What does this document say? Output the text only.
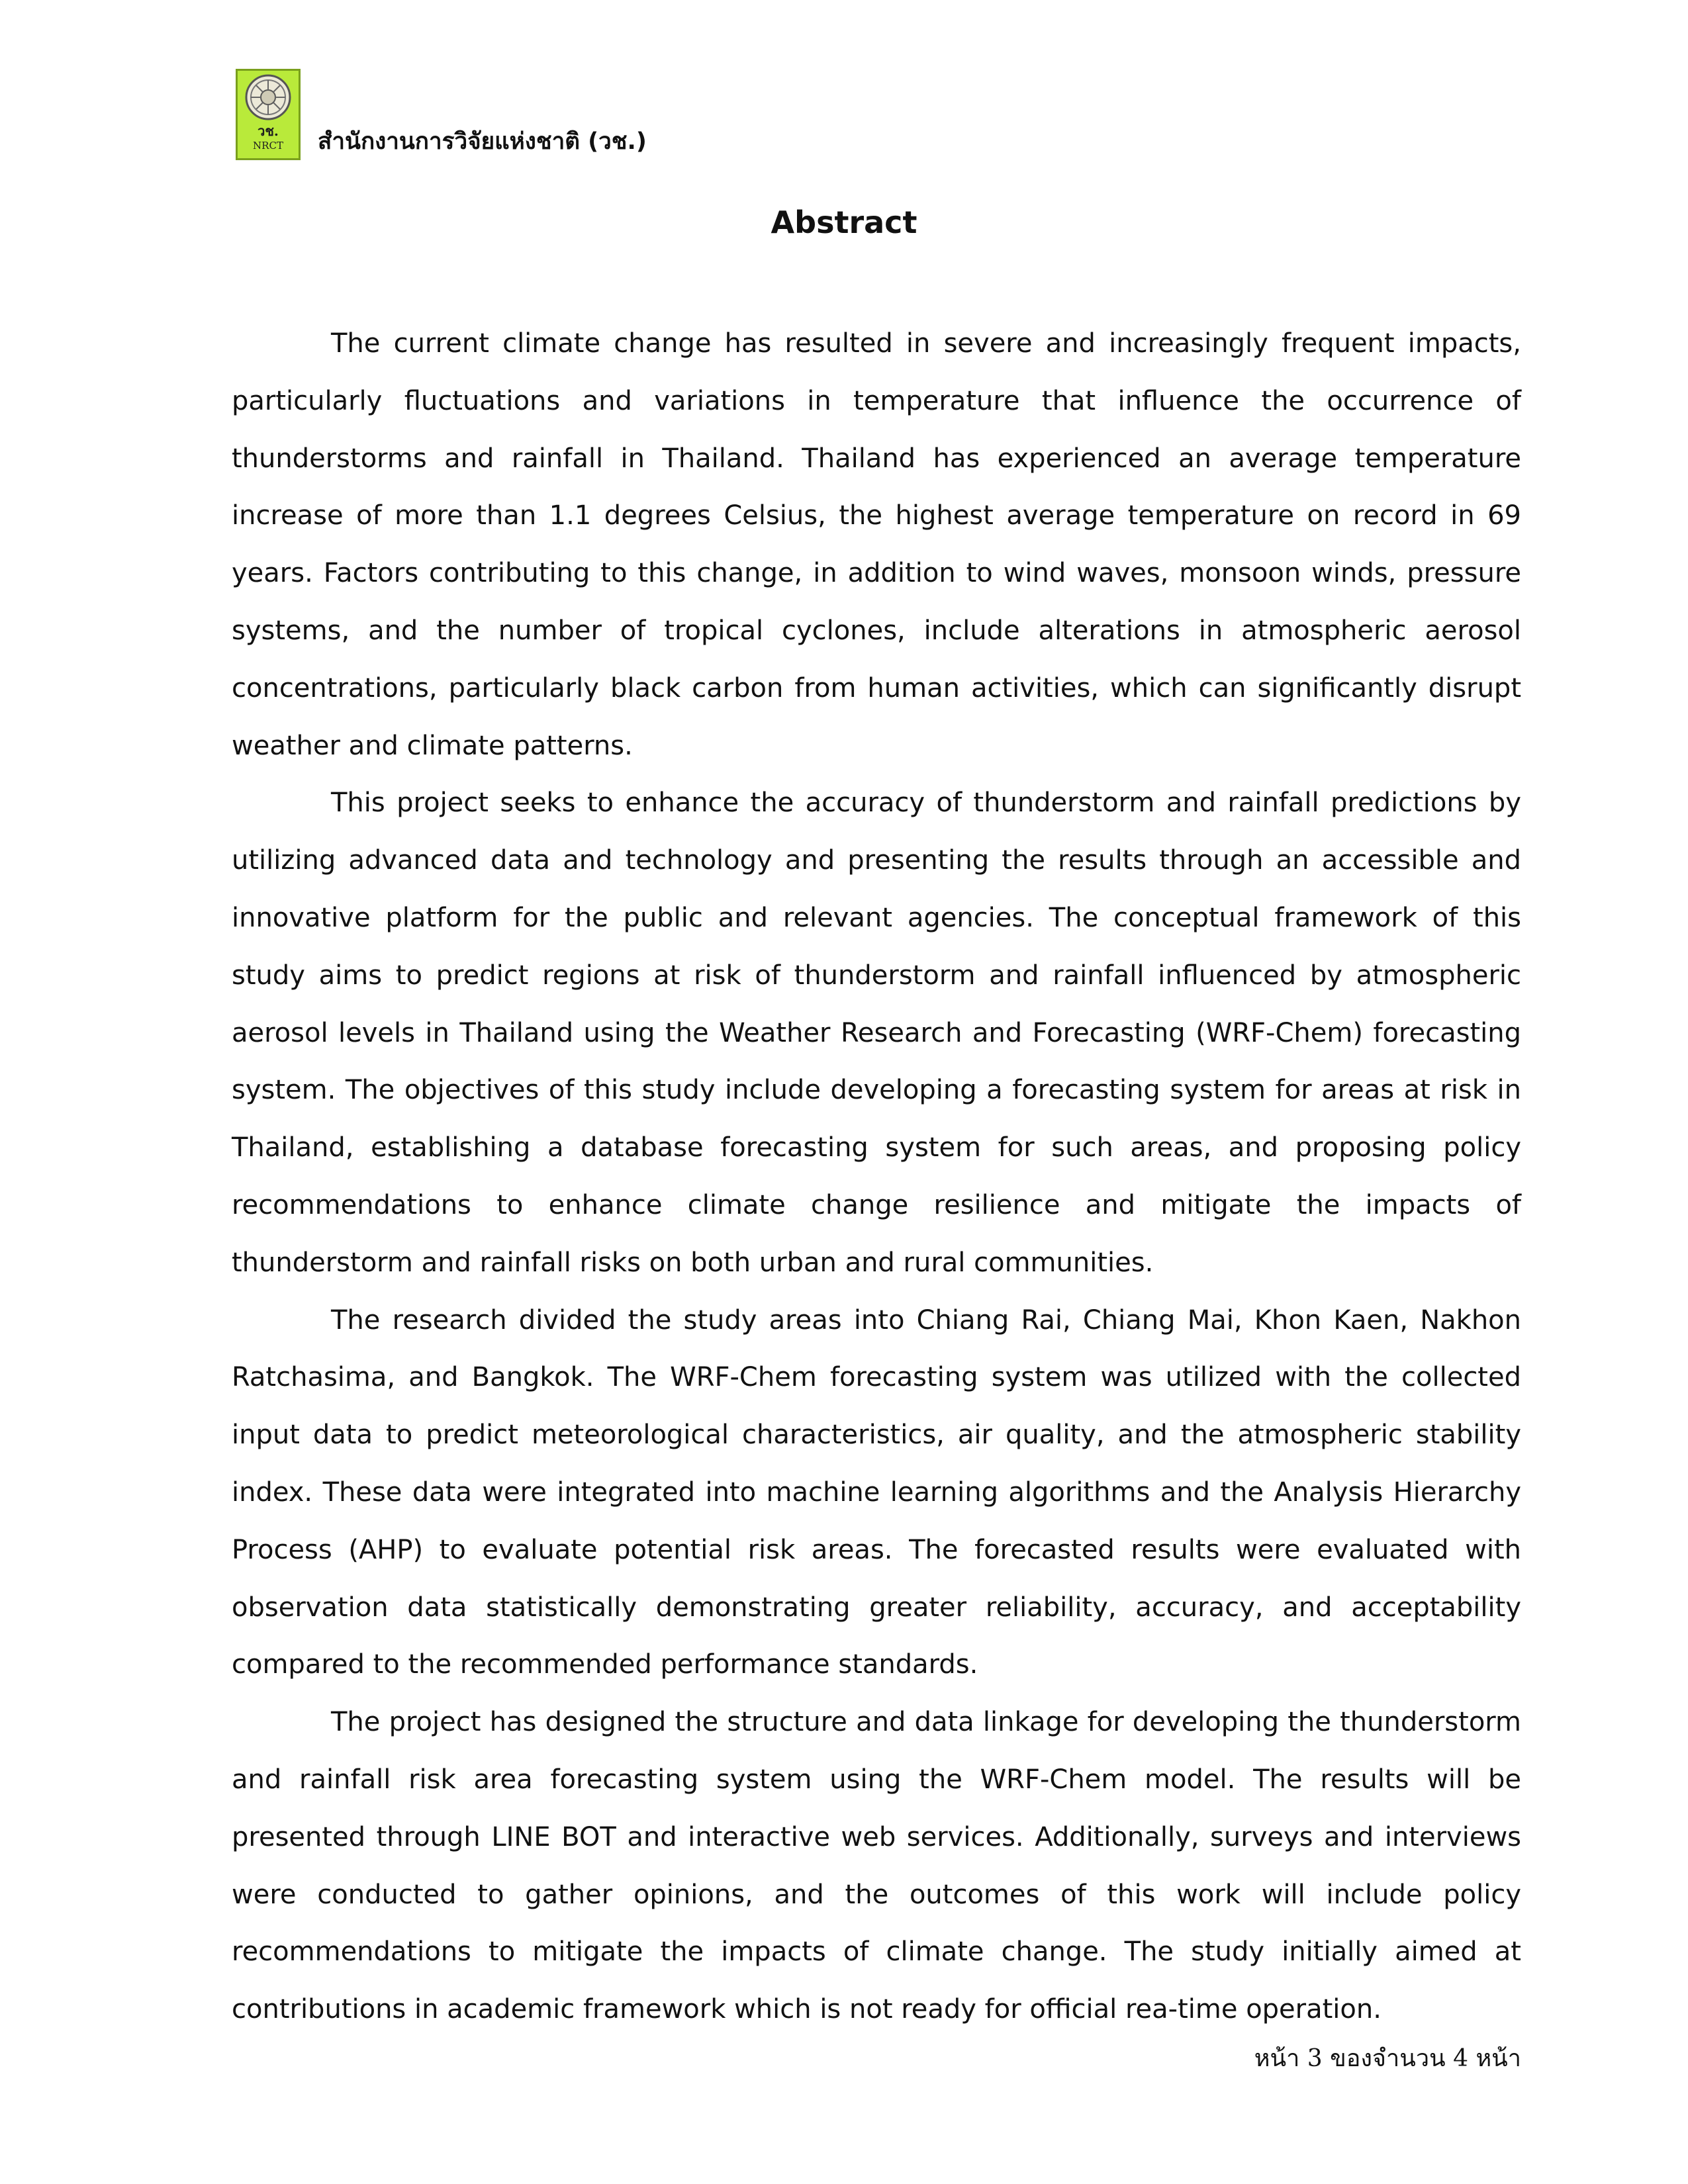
วช.
NRCT	สำนักงานการวิจัยแห่งชาติ (วช.)
Abstract

The current climate change has resulted in severe and increasingly frequent impacts, particularly fluctuations and variations in temperature that influence the occurrence of thunderstorms and rainfall in Thailand. Thailand has experienced an average temperature increase of more than 1.1 degrees Celsius, the highest average temperature on record in 69 years. Factors contributing to this change, in addition to wind waves, monsoon winds, pressure systems, and the number of tropical cyclones, include alterations in atmospheric aerosol concentrations, particularly black carbon from human activities, which can significantly disrupt weather and climate patterns.

This project seeks to enhance the accuracy of thunderstorm and rainfall predictions by utilizing advanced data and technology and presenting the results through an accessible and innovative platform for the public and relevant agencies. The conceptual framework of this study aims to predict regions at risk of thunderstorm and rainfall influenced by atmospheric aerosol levels in Thailand using the Weather Research and Forecasting (WRF-Chem) forecasting system. The objectives of this study include developing a forecasting system for areas at risk in Thailand, establishing a database forecasting system for such areas, and proposing policy recommendations to enhance climate change resilience and mitigate the impacts of thunderstorm and rainfall risks on both urban and rural communities.

The research divided the study areas into Chiang Rai, Chiang Mai, Khon Kaen, Nakhon Ratchasima, and Bangkok. The WRF-Chem forecasting system was utilized with the collected input data to predict meteorological characteristics, air quality, and the atmospheric stability index. These data were integrated into machine learning algorithms and the Analysis Hierarchy Process (AHP) to evaluate potential risk areas. The forecasted results were evaluated with observation data statistically demonstrating greater reliability, accuracy, and acceptability compared to the recommended performance standards.

The project has designed the structure and data linkage for developing the thunderstorm and rainfall risk area forecasting system using the WRF-Chem model. The results will be presented through LINE BOT and interactive web services. Additionally, surveys and interviews were conducted to gather opinions, and the outcomes of this work will include policy recommendations to mitigate the impacts of climate change. The study initially aimed at contributions in academic framework which is not ready for official rea-time operation.

หน้า 3 ของจำนวน 4 หน้า
